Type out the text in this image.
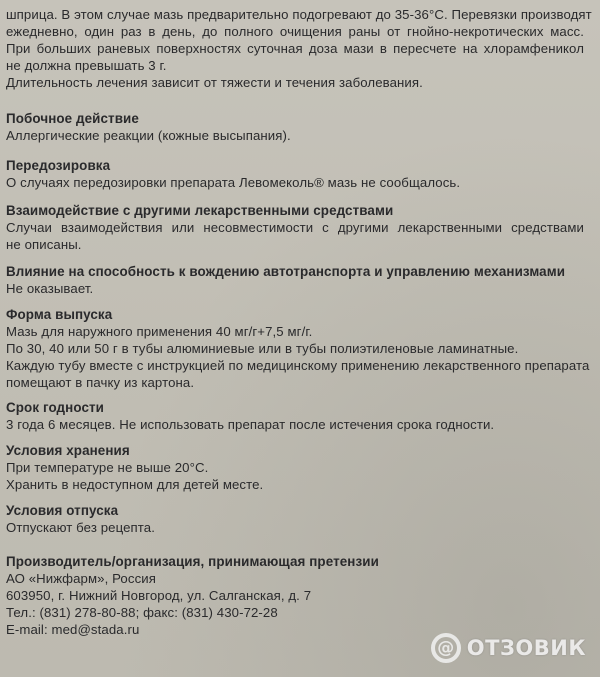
шприца. В этом случае мазь предварительно подогревают до 35-36°С. Перевязки производят
ежедневно, один раз в день, до полного очищения раны от гнойно-некротических масс.
При больших раневых поверхностях суточная доза мази в пересчете на хлорамфеникол
не должна превышать 3 г.
Длительность лечения зависит от тяжести и течения заболевания.
Побочное действие
Аллергические реакции (кожные высыпания).
Передозировка
О случаях передозировки препарата Левомеколь® мазь не сообщалось.
Взаимодействие с другими лекарственными средствами
Случаи взаимодействия или несовместимости с другими лекарственными средствами
не описаны.
Влияние на способность к вождению автотранспорта и управлению механизмами
Не оказывает.
Форма выпуска
Мазь для наружного применения 40 мг/г+7,5 мг/г.
По 30, 40 или 50 г в тубы алюминиевые или в тубы полиэтиленовые ламинатные.
Каждую тубу вместе с инструкцией по медицинскому применению лекарственного препарата
помещают в пачку из картона.
Срок годности
3 года 6 месяцев. Не использовать препарат после истечения срока годности.
Условия хранения
При температуре не выше 20°С.
Хранить в недоступном для детей месте.
Условия отпуска
Отпускают без рецепта.
Производитель/организация, принимающая претензии
АО «Нижфарм», Россия
603950, г. Нижний Новгород, ул. Салганская, д. 7
Тел.: (831) 278-80-88; факс: (831) 430-72-28
E-mail: med@stada.ru
@ ОТЗОВИК
